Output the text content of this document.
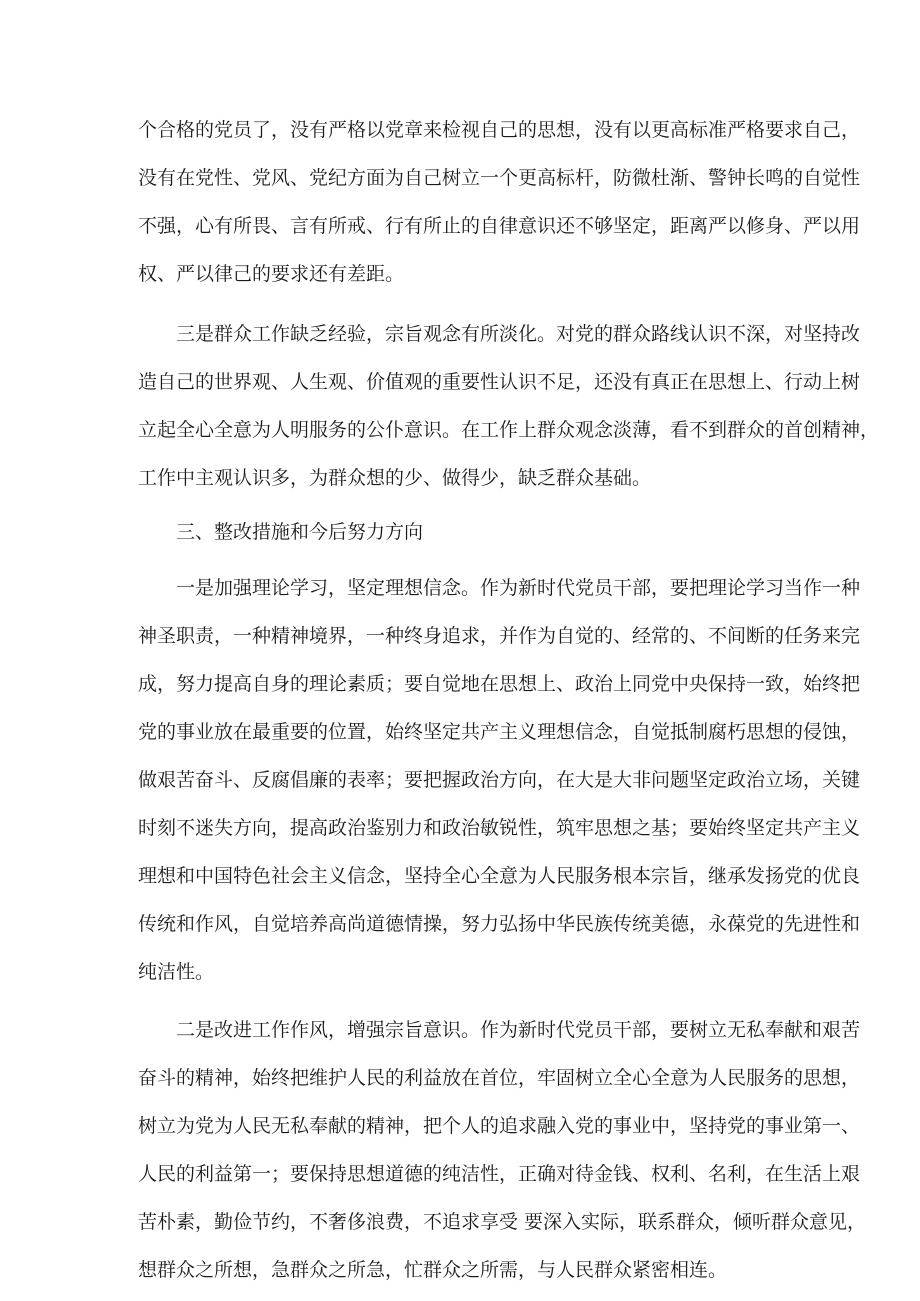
个合格的党员了，没有严格以党章来检视自己的思想，没有以更高标准严格要求自己，
没有在党性、党风、党纪方面为自己树立一个更高标杆，防微杜渐、警钟长鸣的自觉性
不强，心有所畏、言有所戒、行有所止的自律意识还不够坚定，距离严以修身、严以用
权、严以律己的要求还有差距。
三是群众工作缺乏经验，宗旨观念有所淡化。对党的群众路线认识不深，对坚持改
造自己的世界观、人生观、价值观的重要性认识不足，还没有真正在思想上、行动上树
立起全心全意为人明服务的公仆意识。在工作上群众观念淡薄，看不到群众的首创精神，
工作中主观认识多，为群众想的少、做得少，缺乏群众基础。
三、整改措施和今后努力方向
一是加强理论学习，坚定理想信念。作为新时代党员干部，要把理论学习当作一种
神圣职责，一种精神境界，一种终身追求，并作为自觉的、经常的、不间断的任务来完
成，努力提高自身的理论素质；要自觉地在思想上、政治上同党中央保持一致，始终把
党的事业放在最重要的位置，始终坚定共产主义理想信念，自觉抵制腐朽思想的侵蚀，
做艰苦奋斗、反腐倡廉的表率；要把握政治方向，在大是大非问题坚定政治立场，关键
时刻不迷失方向，提高政治鉴别力和政治敏锐性，筑牢思想之基；要始终坚定共产主义
理想和中国特色社会主义信念，坚持全心全意为人民服务根本宗旨，继承发扬党的优良
传统和作风，自觉培养高尚道德情操，努力弘扬中华民族传统美德，永葆党的先进性和
纯洁性。
二是改进工作作风，增强宗旨意识。作为新时代党员干部，要树立无私奉献和艰苦
奋斗的精神，始终把维护人民的利益放在首位，牢固树立全心全意为人民服务的思想，
树立为党为人民无私奉献的精神，把个人的追求融入党的事业中，坚持党的事业第一、
人民的利益第一；要保持思想道德的纯洁性，正确对待金钱、权利、名利，在生活上艰
苦朴素，勤俭节约，不奢侈浪费，不追求享受 要深入实际，联系群众，倾听群众意见，
想群众之所想，急群众之所急，忙群众之所需，与人民群众紧密相连。
